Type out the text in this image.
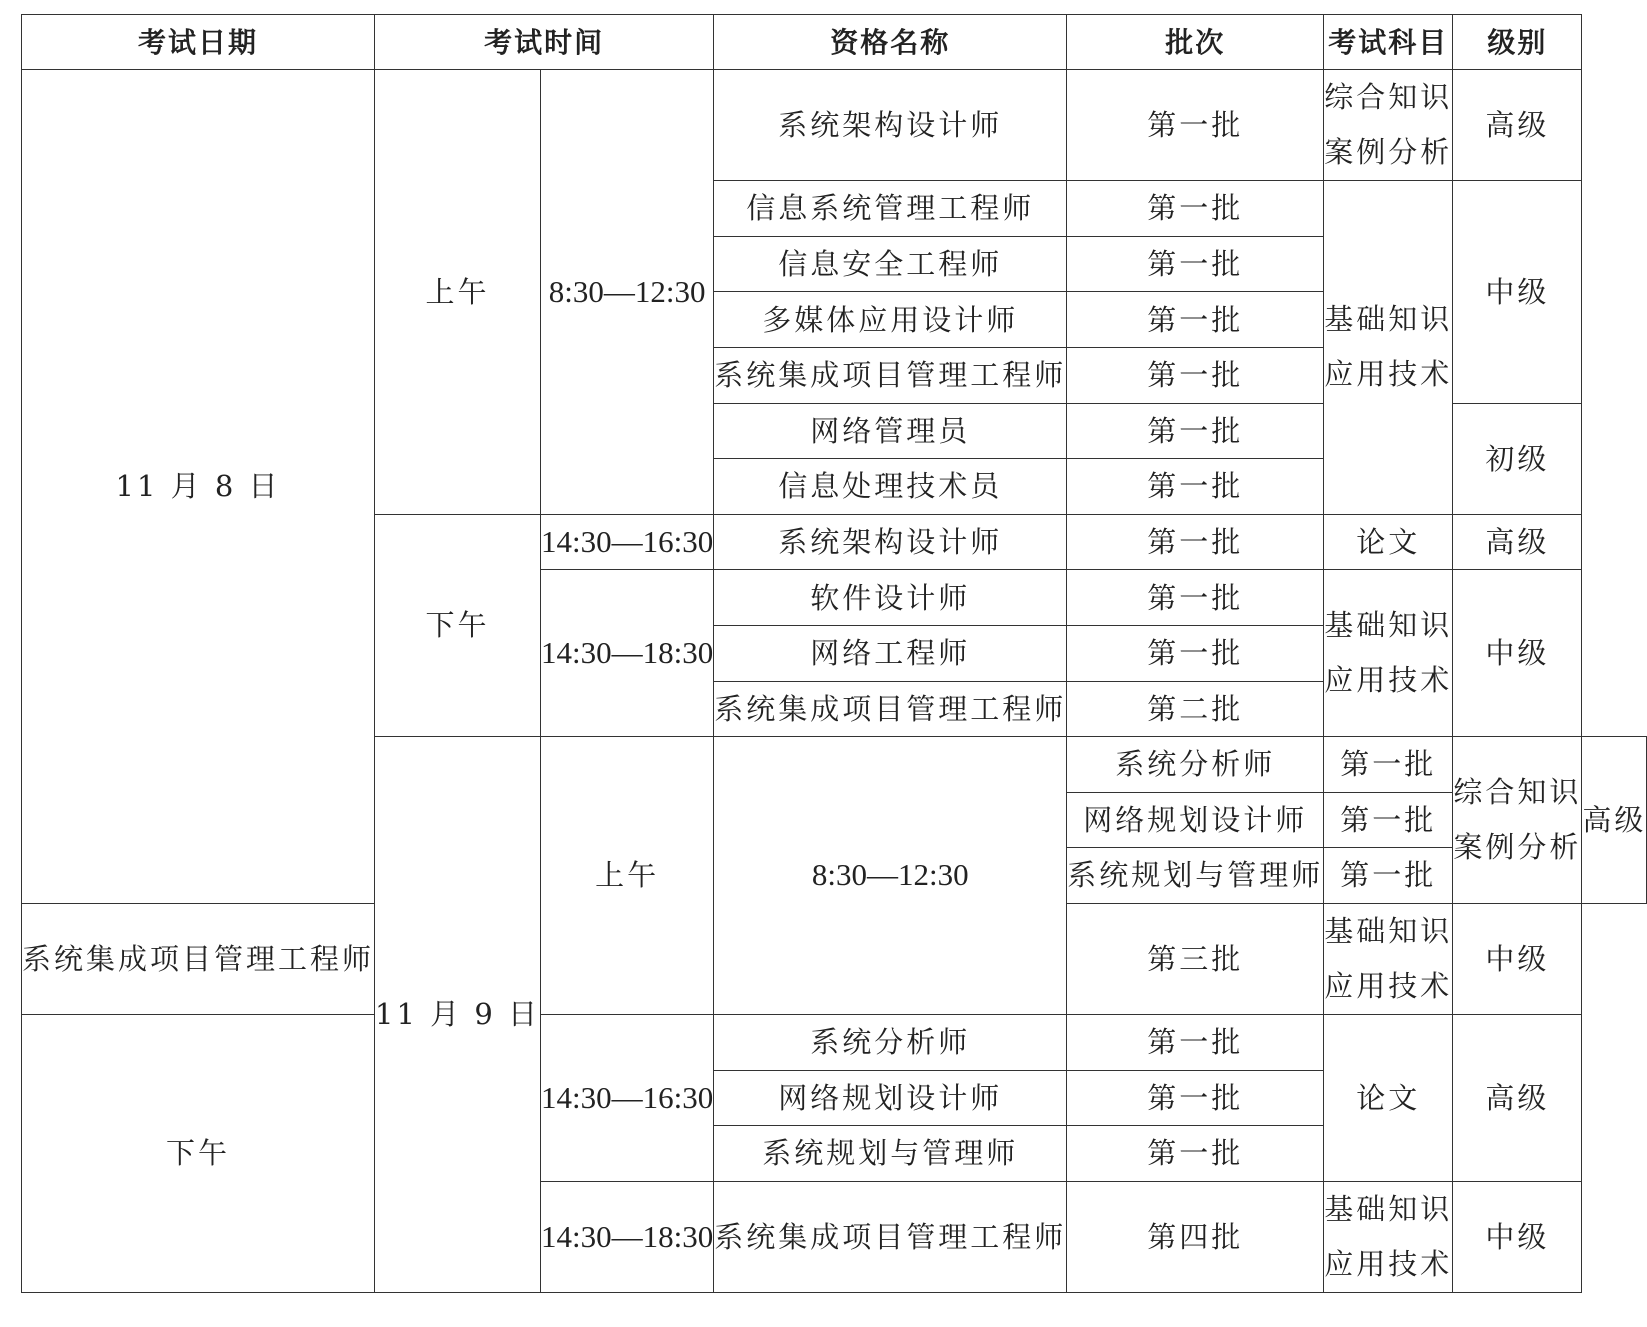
考试日期	考试时间		资格名称	批次	考试科目	级别	
11 月 8 日	上午	8:30—12:30	系统架构设计师	第一批	综合知识
案例分析	高级	

			信息系统管理工程师	第一批	基础知识
应用技术	中级	
			信息安全工程师	第一批			
			多媒体应用设计师	第一批			
			系统集成项目管理工程师	第一批			
			网络管理员	第一批		初级	
			信息处理技术员	第一批			
	下午	14:30—16:30	系统架构设计师	第一批	论文	高级	
		14:30—18:30	软件设计师	第一批	基础知识
应用技术	中级	
			网络工程师	第一批			
			系统集成项目管理工程师	第二批			
	11 月 9 日	上午	8:30—12:30	系统分析师	第一批	综合知识
案例分析	高级
				网络规划设计师	第一批		
				系统规划与管理师	第一批		
系统集成项目管理工程师				第三批	基础知识
应用技术	中级	

下午		14:30—16:30	系统分析师	第一批	论文	高级	
			网络规划设计师	第一批			
			系统规划与管理师	第一批			
		14:30—18:30	系统集成项目管理工程师	第四批	基础知识
应用技术	中级	
